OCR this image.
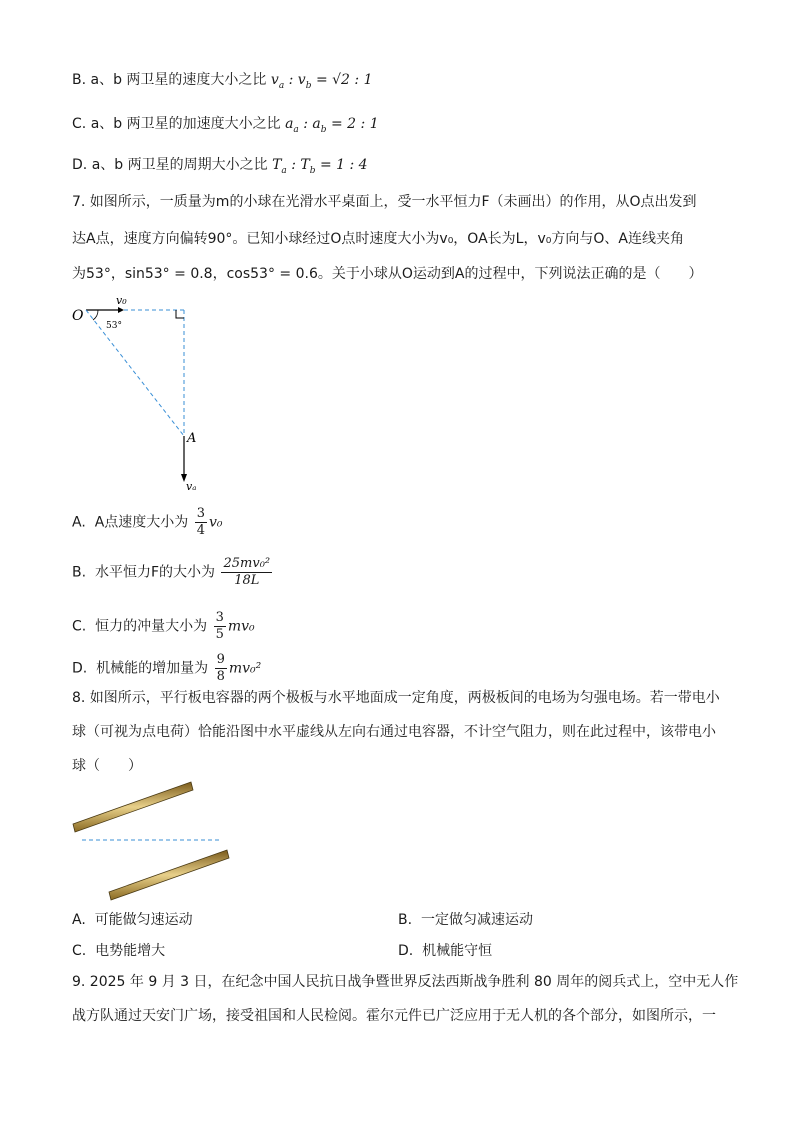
B. a、b 两卫星的速度大小之比 $v_a$ : $v_b = √2$ : 1
C. a、b 两卫星的加速度大小之比 $a_a$ : $a_b = 2$ : 1
D. a、b 两卫星的周期大小之比 $T_a$ : $T_b = 1$ : 4
7. 如图所示，一质量为m的小球在光滑水平桌面上，受一水平恒力F（未画出）的作用，从O点出发到
达A点，速度方向偏转90°。已知小球经过O点时速度大小为v₀，OA长为L，v₀方向与O、A连线夹角
为53°，sin53° = 0.8，cos53° = 0.6。关于小球从O运动到A的过程中，下列说法正确的是（　　）
O
v₀
53°
A
vₐ
A. A点速度大小为 $\frac{3}{4} v_0$
B. 水平恒力F的大小为 $\frac{\text{25mv₀²}}{18L}$
C. 恒力的冲量大小为 $\frac{3}{5} mv_0$
D. 机械能的增加量为 $\frac{9}{8} mv_0^2$
8. 如图所示，平行板电容器的两个极板与水平地面成一定角度，两极板间的电场为匀强电场。若一带电小
球（可视为点电荷）恰能沿图中水平虚线从左向右通过电容器，不计空气阻力，则在此过程中，该带电小
球（　　）
A. 可能做匀速运动	B. 一定做匀减速运动
C. 电势能增大	D. 机械能守恒
9. 2025 年 9 月 3 日，在纪念中国人民抗日战争暨世界反法西斯战争胜利 80 周年的阅兵式上，空中无人作
战方队通过天安门广场，接受祖国和人民检阅。霍尔元件已广泛应用于无人机的各个部分，如图所示，一
